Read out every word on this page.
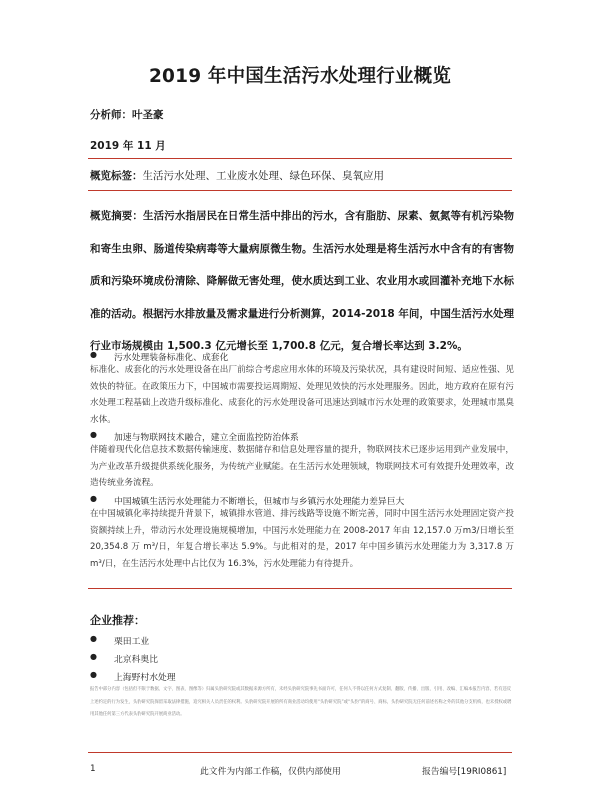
2019 年中国生活污水处理行业概览
分析师：叶圣豪
2019 年 11 月
概览标签：生活污水处理、工业废水处理、绿色环保、臭氧应用
概览摘要：生活污水指居民在日常生活中排出的污水，含有脂肪、尿素、氨氮等有机污染物和寄生虫卵、肠道传染病毒等大量病原微生物。生活污水处理是将生活污水中含有的有害物质和污染环境成份清除、降解做无害处理，使水质达到工业、农业用水或回灌补充地下水标准的活动。根据污水排放量及需求量进行分析测算，2014-2018 年间，中国生活污水处理行业市场规模由 1,500.3 亿元增长至 1,700.8 亿元，复合增长率达到 3.2%。
● 污水处理装备标准化、成套化
标准化、成套化的污水处理设备在出厂前综合考虑应用水体的环境及污染状况，具有建设时间短、适应性强、见效快的特征。在政策压力下，中国城市需要投运周期短、处理见效快的污水处理服务。因此，地方政府在原有污水处理工程基础上改造升级标准化、成套化的污水处理设备可迅速达到城市污水处理的政策要求，处理城市黑臭水体。
● 加速与物联网技术融合，建立全面监控防治体系
伴随着现代化信息技术数据传输速度、数据储存和信息处理容量的提升，物联网技术已逐步运用到产业发展中，为产业改革升级提供系统化服务，为传统产业赋能。在生活污水处理领域，物联网技术可有效提升处理效率，改造传统业务流程。
● 中国城镇生活污水处理能力不断增长，但城市与乡镇污水处理能力差异巨大
在中国城镇化率持续提升背景下，城镇排水管道、排污线路等设施不断完善，同时中国生活污水处理固定资产投资额持续上升，带动污水处理设施规模增加，中国污水处理能力在 2008-2017 年由 12,157.0 万m3/日增长至 20,354.8 万 m³/日，年复合增长率达 5.9%。与此相对的是，2017 年中国乡镇污水处理能力为 3,317.8 万 m³/日，在生活污水处理中占比仅为 16.3%，污水处理能力有待提升。
企业推荐：
● 栗田工业
● 北京科奥比
● 上海野村水处理
报告中部分内容（包括但不限于数据、文字、图表、图像等）归属头豹研究院或其数据来源方所有，未经头豹研究院事先书面许可，任何人不得以任何方式复制、翻版、传播、出版、引用、改编、汇编本报告内容，若有违反上述约定的行为发生，头豹研究院保留采取法律措施，追究相关人员责任的权利。头豹研究院开展的所有商业活动均使用“头豹研究院”或“头豹”的商号、商标，头豹研究院无任何前述名称之外的其他分支机构，也未授权或聘用其他任何第三方代表头豹研究院开展商业活动。
1	此文件为内部工作稿，仅供内部使用	报告编号[19RI0861]
